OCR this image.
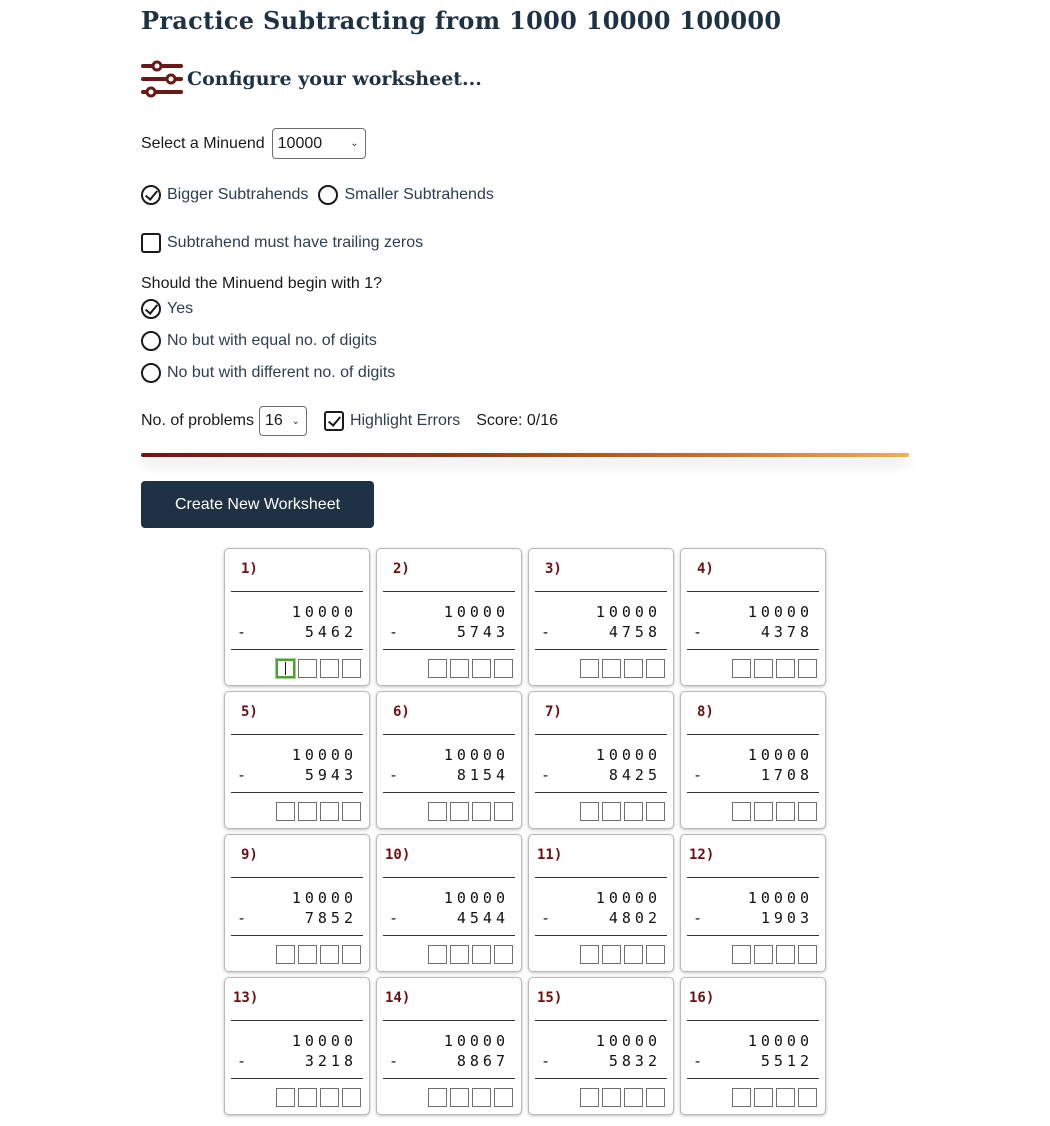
Practice Subtracting from 1000 10000 100000
Configure your worksheet...
Select a Minuend 10000	⌄
Bigger Subtrahends Smaller Subtrahends
Subtrahend must have trailing zeros
Should the Minuend begin with 1?
Yes
No but with equal no. of digits
No but with different no. of digits
No. of problems 16 ⌄	Highlight Errors Score: 0/16
Create New Worksheet
1)
10000
-	5462
2)
10000
-	5743
3)
10000
-	4758
4)
10000
-	4378
5)
10000
-	5943
6)
10000
-	8154
7)
10000
-	8425
8)
10000
-	1708
9)
10000
-	7852
10)
10000
-	4544
11)
10000
-	4802
12)
10000
-	1903
13)
10000
-	3218
14)
10000
-	8867
15)
10000
-	5832
16)
10000
-	5512
